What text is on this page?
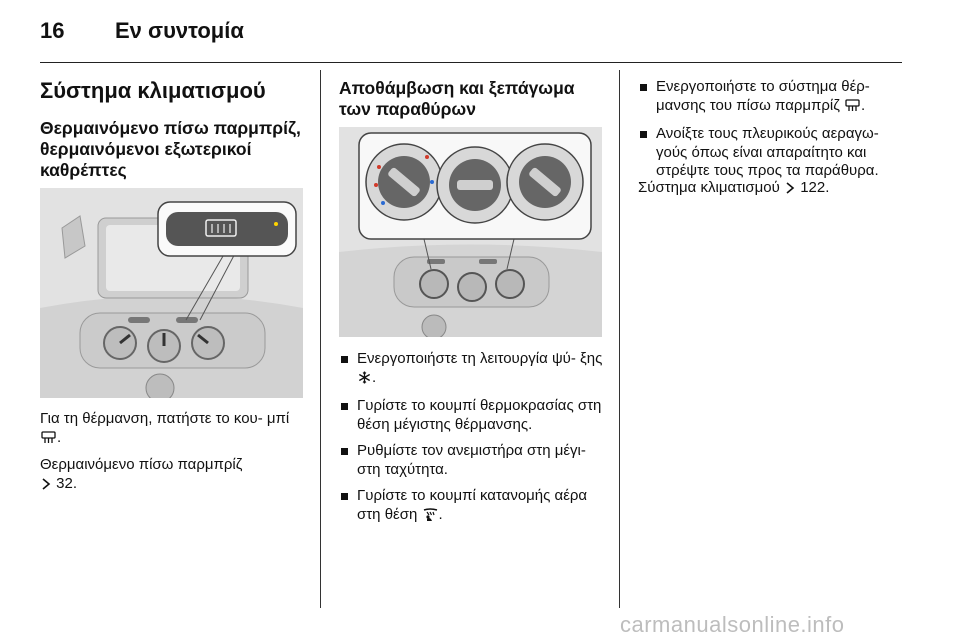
16 Εν συντομία
Σύστημα κλιματισμού
Θερμαινόμενο πίσω παρμπρίζ, θερμαινόμενοι εξωτερικοί καθρέπτες
Για τη θέρμανση, πατήστε το κου- μπί .
Θερμαινόμενο πίσω παρμπρίζ
32.
Αποθάμβωση και ξεπάγωμα των παραθύρων
Ενεργοποιήστε τη λειτουργία ψύ- ξης .
Γυρίστε το κουμπί θερμοκρασίας στη θέση μέγιστης θέρμανσης.
Ρυθμίστε τον ανεμιστήρα στη μέγι- στη ταχύτητα.
Γυρίστε το κουμπί κατανομής αέρα στη θέση .
Ενεργοποιήστε το σύστημα θέρ- μανσης του πίσω παρμπρίζ .
Ανοίξτε τους πλευρικούς αεραγω- γούς όπως είναι απαραίτητο και στρέψτε τους προς τα παράθυρα.
Σύστημα κλιματισμού 122.
carmanualsonline.info
